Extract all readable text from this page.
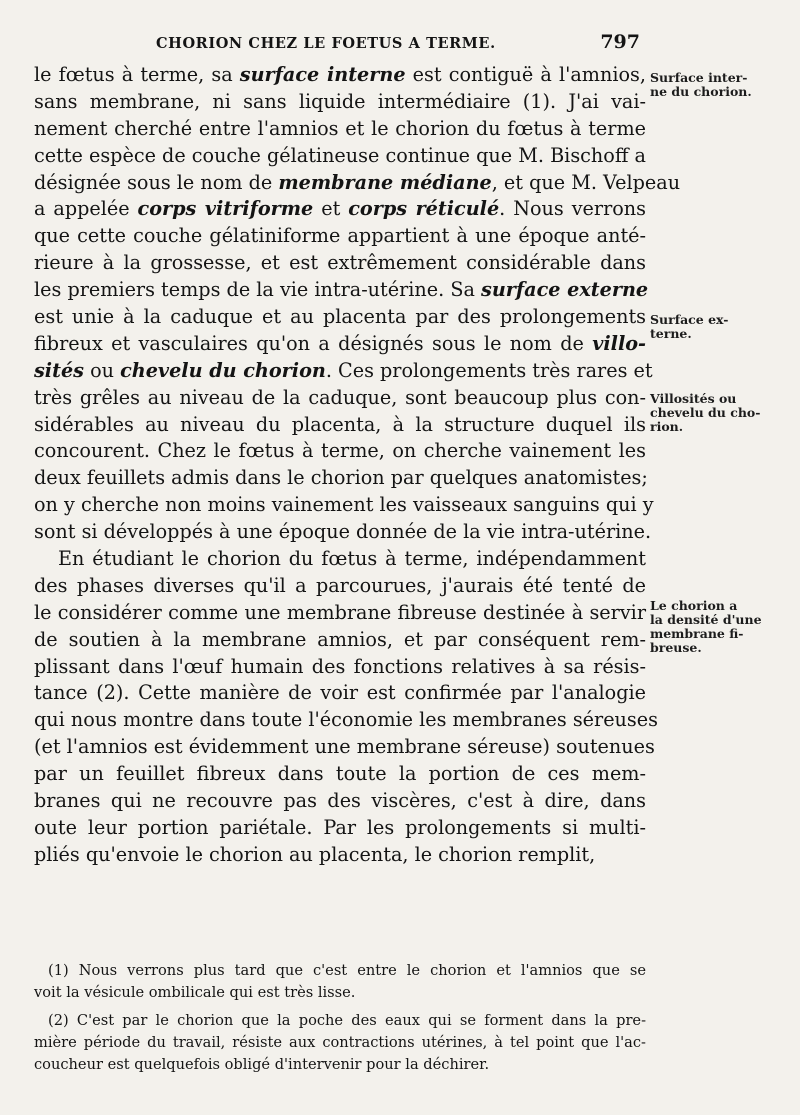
CHORION CHEZ LE FOETUS A TERME.	797
le fœtus à terme, sa surface interne est contiguë à l'amnios,
sans membrane, ni sans liquide intermédiaire (1). J'ai vai-
nement cherché entre l'amnios et le chorion du fœtus à terme
cette espèce de couche gélatineuse continue que M. Bischoff a
désignée sous le nom de membrane médiane, et que M. Velpeau
a appelée corps vitriforme et corps réticulé. Nous verrons
que cette couche gélatiniforme appartient à une époque anté-
rieure à la grossesse, et est extrêmement considérable dans
les premiers temps de la vie intra-utérine. Sa surface externe
est unie à la caduque et au placenta par des prolongements
fibreux et vasculaires qu'on a désignés sous le nom de villo-
sités ou chevelu du chorion. Ces prolongements très rares et
très grêles au niveau de la caduque, sont beaucoup plus con-
sidérables au niveau du placenta, à la structure duquel ils
concourent. Chez le fœtus à terme, on cherche vainement les
deux feuillets admis dans le chorion par quelques anatomistes;
on y cherche non moins vainement les vaisseaux sanguins qui y
sont si développés à une époque donnée de la vie intra-utérine.
En étudiant le chorion du fœtus à terme, indépendamment
des phases diverses qu'il a parcourues, j'aurais été tenté de
le considérer comme une membrane fibreuse destinée à servir
de soutien à la membrane amnios, et par conséquent rem-
plissant dans l'œuf humain des fonctions relatives à sa résis-
tance (2). Cette manière de voir est confirmée par l'analogie
qui nous montre dans toute l'économie les membranes séreuses
(et l'amnios est évidemment une membrane séreuse) soutenues
par un feuillet fibreux dans toute la portion de ces mem-
branes qui ne recouvre pas des viscères, c'est à dire, dans
oute leur portion pariétale. Par les prolongements si multi-
pliés qu'envoie le chorion au placenta, le chorion remplit,
Surface inter-
ne du chorion.
Surface ex-
terne.
Villosités ou
chevelu du cho-
rion.
Le chorion a
la densité d'une
membrane fi-
breuse.
(1) Nous verrons plus tard que c'est entre le chorion et l'amnios que se
voit la vésicule ombilicale qui est très lisse.
(2) C'est par le chorion que la poche des eaux qui se forment dans la pre-
mière période du travail, résiste aux contractions utérines, à tel point que l'ac-
coucheur est quelquefois obligé d'intervenir pour la déchirer.
